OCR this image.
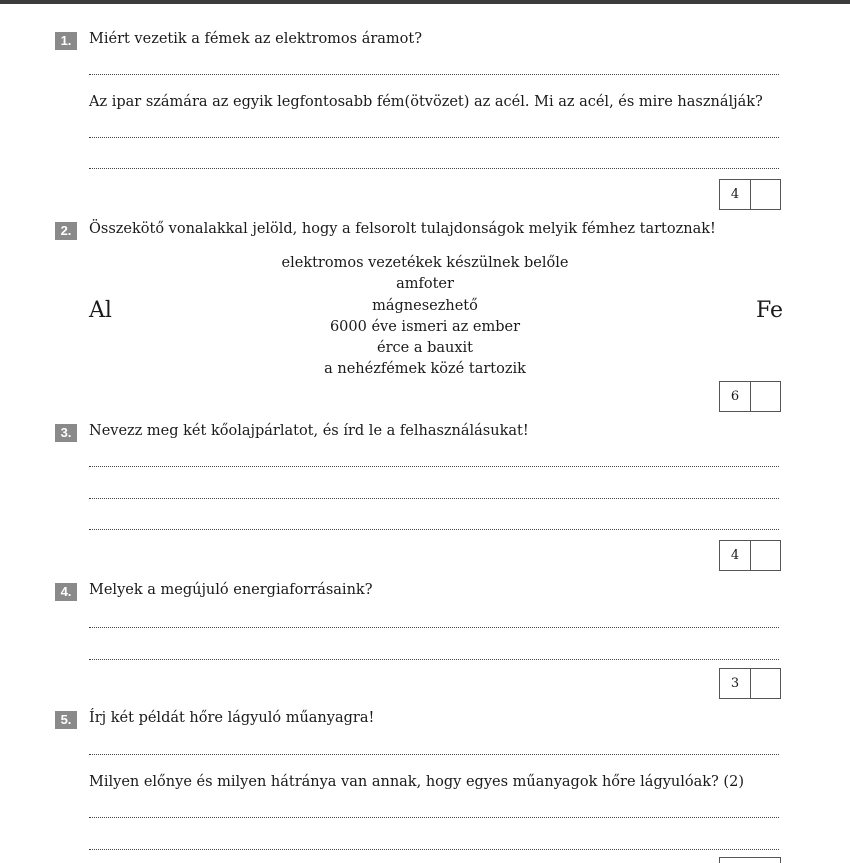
1.	Miért vezetik a fémek az elektromos áramot?
Az ipar számára az egyik legfontosabb fém(ötvözet) az acél. Mi az acél, és mire használják?
4
2.	Összekötő vonalakkal jelöld, hogy a felsorolt tulajdonságok melyik fémhez tartoznak!
Al	Fe
elektromos vezetékek készülnek belőle
amfoter
mágnesezhető
6000 éve ismeri az ember
érce a bauxit
a nehézfémek közé tartozik
6
3.	Nevezz meg két kőolajpárlatot, és írd le a felhasználásukat!
4
4.	Melyek a megújuló energiaforrásaink?
3
5.	Írj két példát hőre lágyuló műanyagra!
Milyen előnye és milyen hátránya van annak, hogy egyes műanyagok hőre lágyulóak? (2)
